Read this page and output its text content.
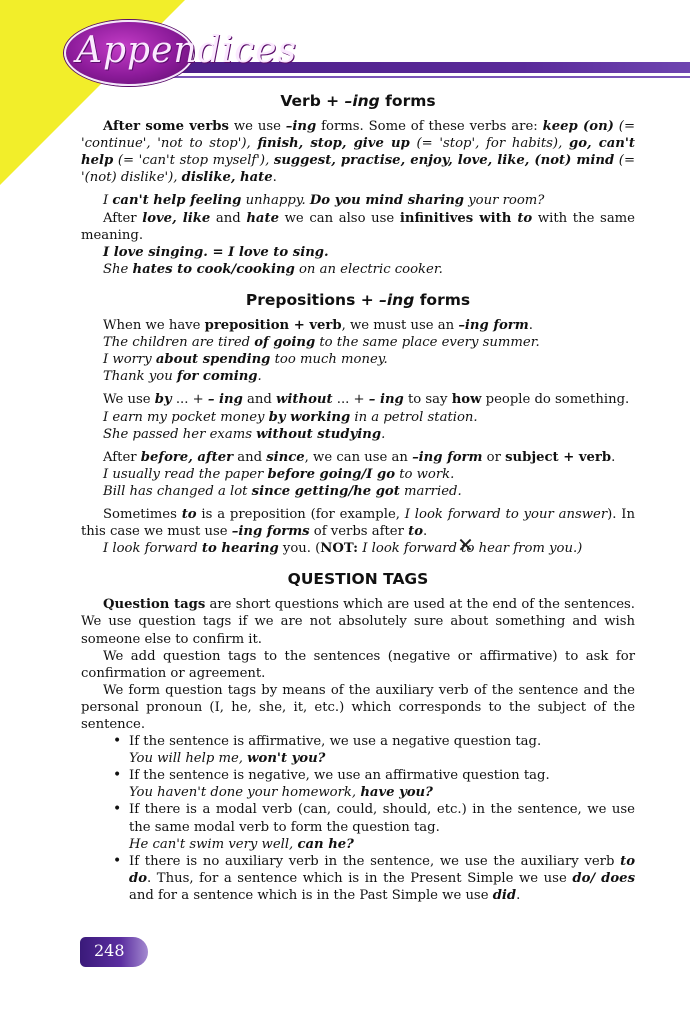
Appendices
Verb + –ing forms

After some verbs we use –ing forms. Some of these verbs are: keep (on) (= 'continue', 'not to stop'), finish, stop, give up (= 'stop', for habits), go, can't help (= 'can't stop myself'), suggest, practise, enjoy, love, like, (not) mind (= '(not) dislike'), dislike, hate.

I can't help feeling unhappy. Do you mind sharing your room?

After love, like and hate we can also use infinitives with to with the same meaning.

I love singing. = I love to sing.

She hates to cook/cooking on an electric cooker.

Prepositions + –ing forms

When we have preposition + verb, we must use an –ing form.

The children are tired of going to the same place every summer.

I worry about spending too much money.

Thank you for coming.

We use by ... + – ing and without ... + – ing to say how people do something.

I earn my pocket money by working in a petrol station.

She passed her exams without studying.

After before, after and since, we can use an –ing form or subject + verb.

I usually read the paper before going/I go to work.

Bill has changed a lot since getting/he got married.

Sometimes to is a preposition (for example, I look forward to your answer). In this case we must use –ing forms of verbs after to.

I look forward to hearing you. (NOT: I look forward to ✕ hear from you.)

QUESTION TAGS

Question tags are short questions which are used at the end of the sentences. We use question tags if we are not absolutely sure about something and wish someone else to confirm it.

We add question tags to the sentences (negative or affirmative) to ask for confirmation or agreement.

We form question tags by means of the auxiliary verb of the sentence and the personal pronoun (I, he, she, it, etc.) which corresponds to the subject of the sentence.

• If the sentence is affirmative, we use a negative question tag.
You will help me, won't you?
• If the sentence is negative, we use an affirmative question tag.
You haven't done your homework, have you?
• If there is a modal verb (can, could, should, etc.) in the sentence, we use the same modal verb to form the question tag.
He can't swim very well, can he?
• If there is no auxiliary verb in the sentence, we use the auxiliary verb to do. Thus, for a sentence which is in the Present Simple we use do/ does and for a sentence which is in the Past Simple we use did.
248
